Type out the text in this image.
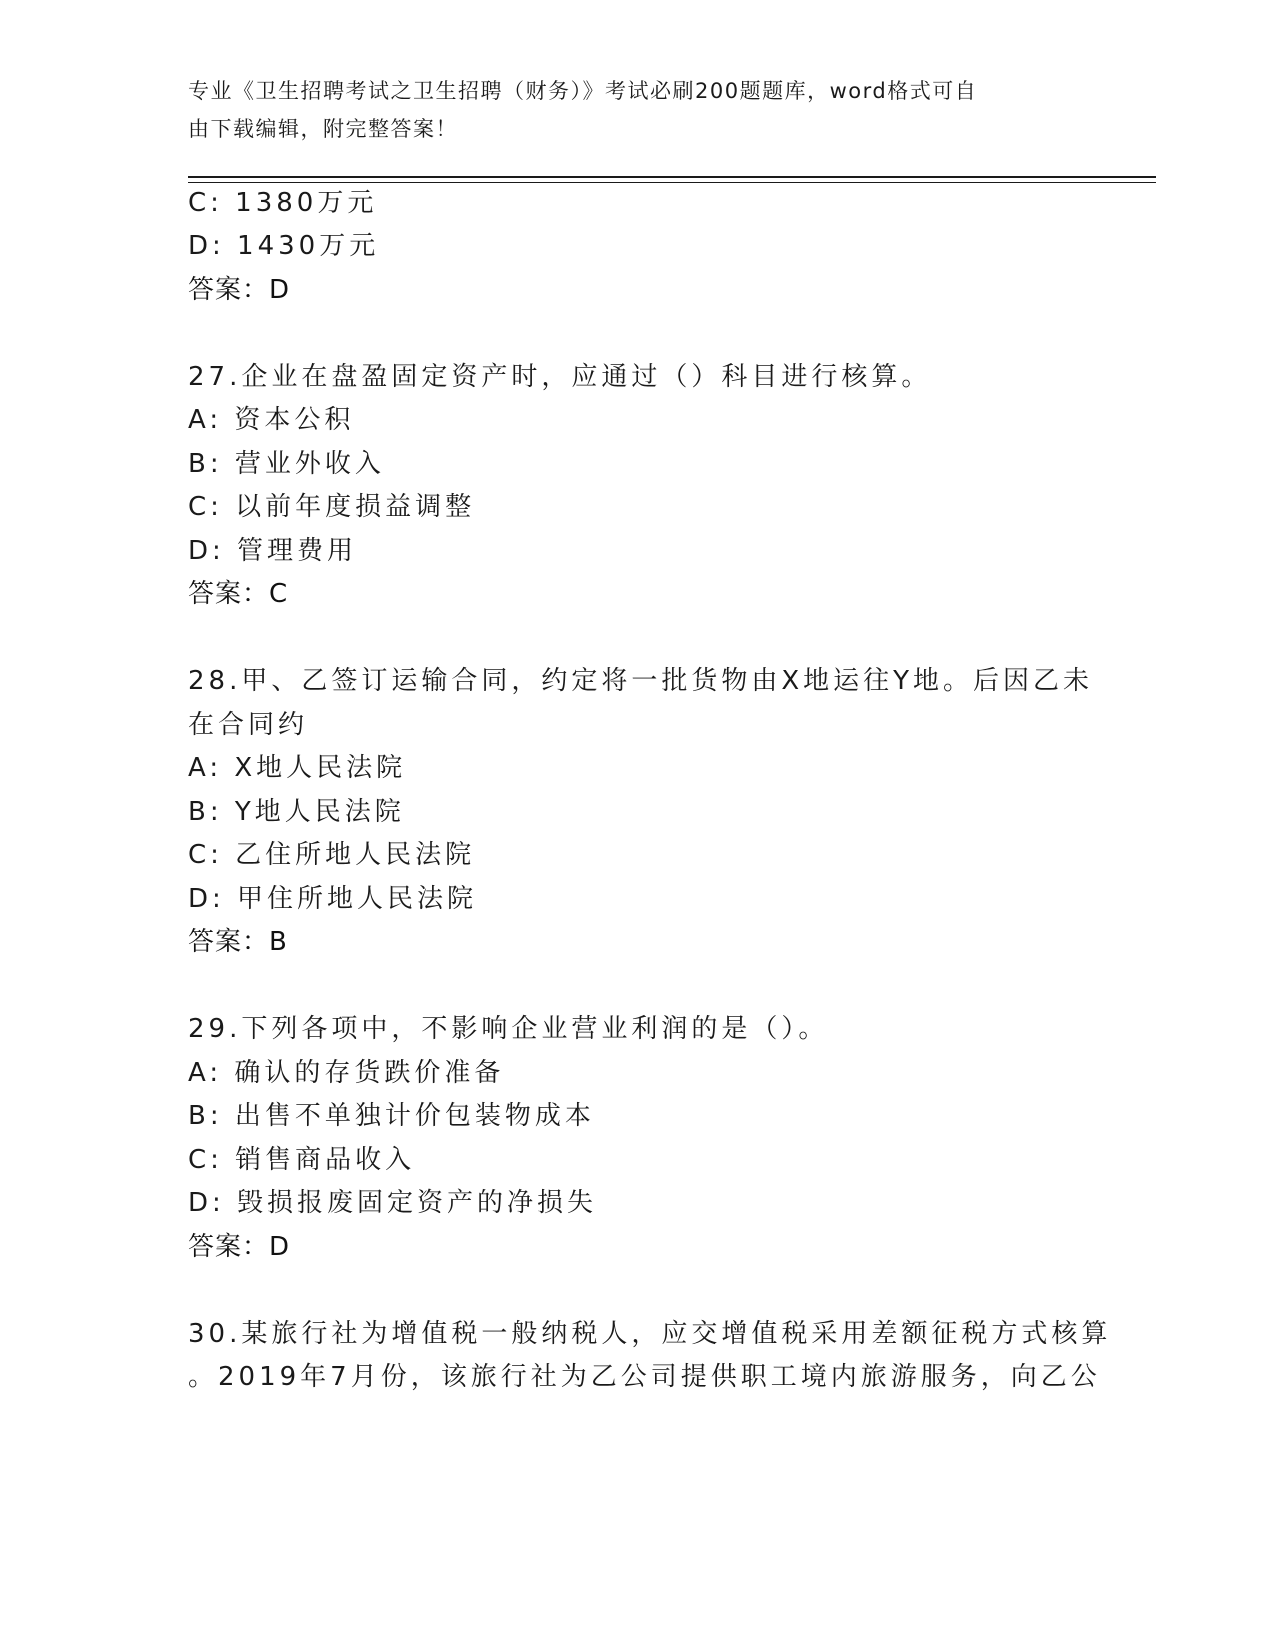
专业《卫生招聘考试之卫生招聘（财务）》考试必刷200题题库，word格式可自
由下载编辑，附完整答案！
C: 1380万元
D: 1430万元
答案：D
27.企业在盘盈固定资产时，应通过（）科目进行核算。
A: 资本公积
B: 营业外收入
C: 以前年度损益调整
D: 管理费用
答案：C
28.甲、乙签订运输合同，约定将一批货物由X地运往Y地。后因乙未
在合同约
A: X地人民法院
B: Y地人民法院
C: 乙住所地人民法院
D: 甲住所地人民法院
答案：B
29.下列各项中，不影响企业营业利润的是（）。
A: 确认的存货跌价准备
B: 出售不单独计价包装物成本
C: 销售商品收入
D: 毁损报废固定资产的净损失
答案：D
30.某旅行社为增值税一般纳税人，应交增值税采用差额征税方式核算
。2019年7月份，该旅行社为乙公司提供职工境内旅游服务，向乙公
